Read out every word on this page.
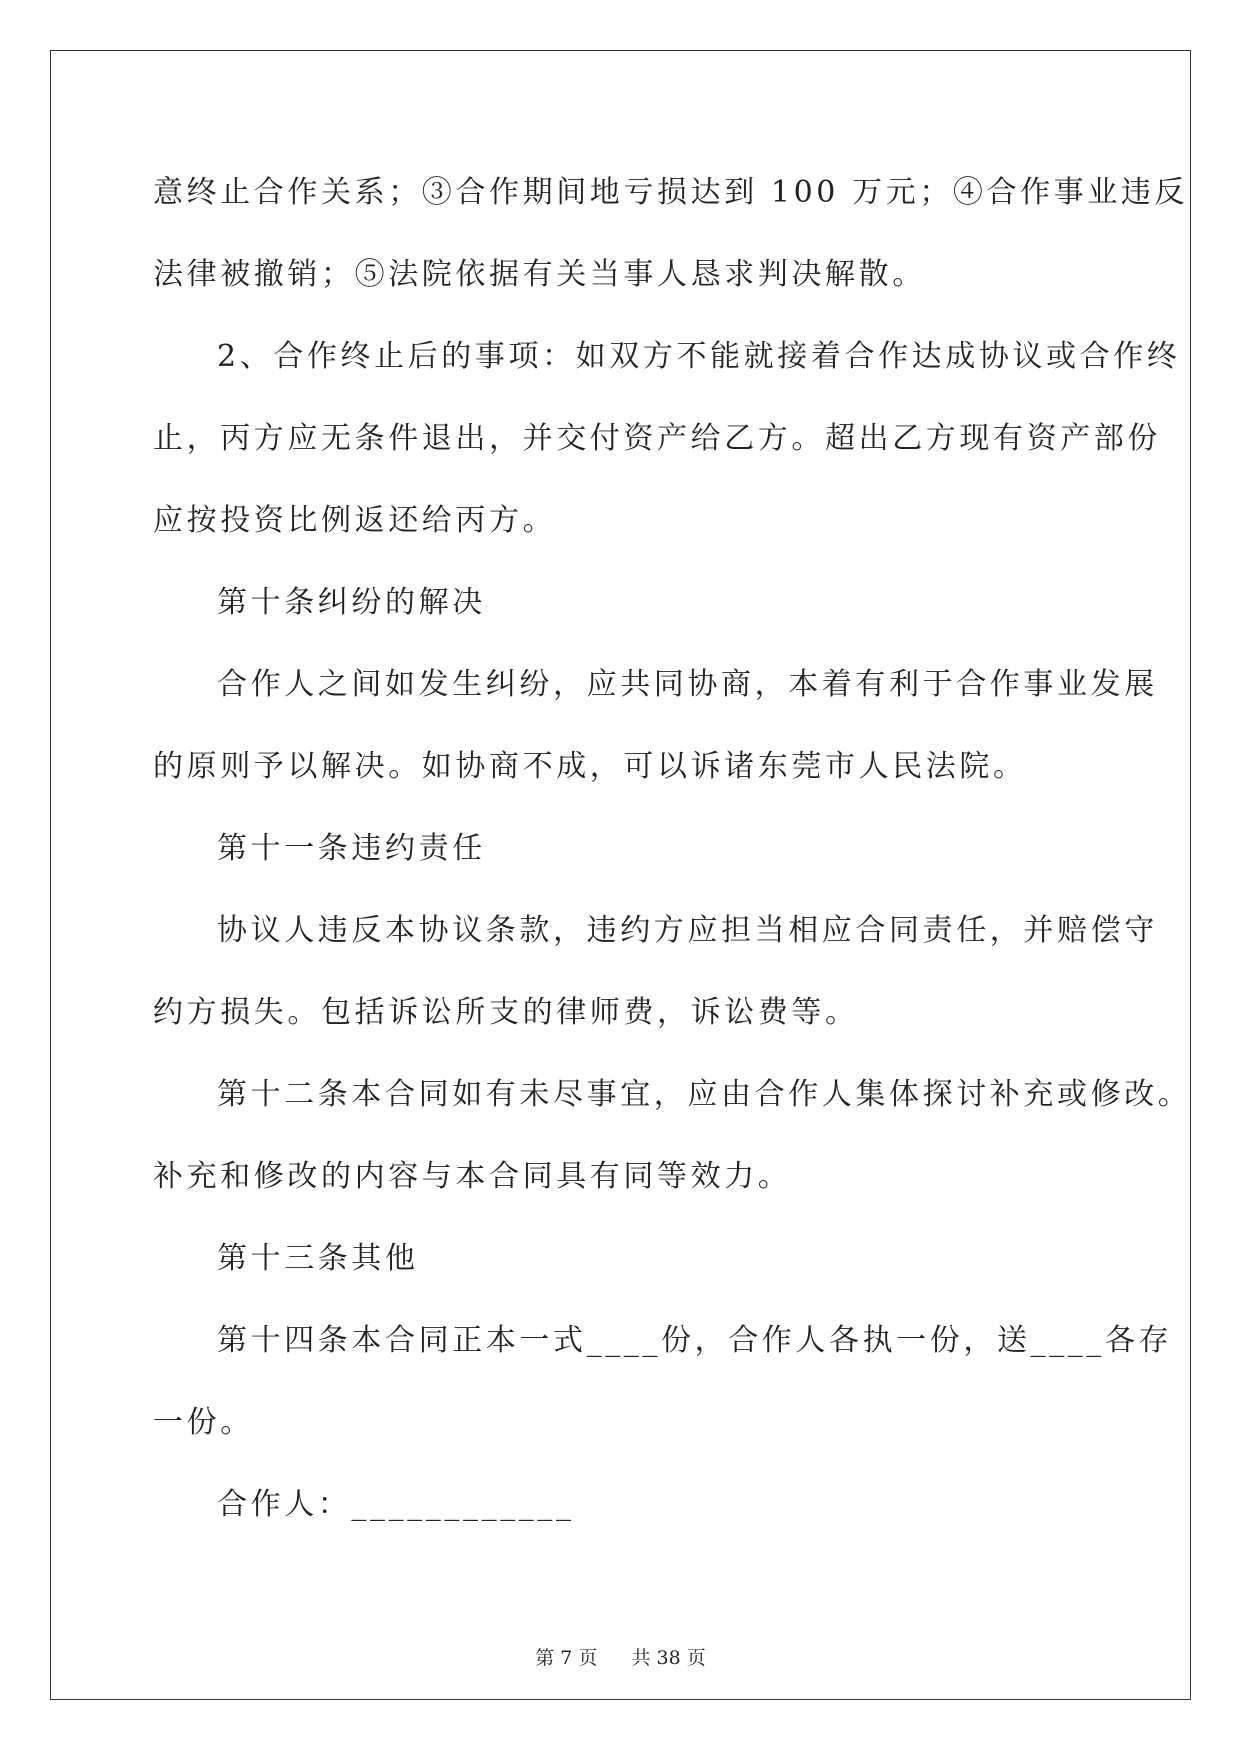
意终止合作关系；③合作期间地亏损达到 100 万元；④合作事业违反
法律被撤销；⑤法院依据有关当事人恳求判决解散。
2、合作终止后的事项：如双方不能就接着合作达成协议或合作终
止，丙方应无条件退出，并交付资产给乙方。超出乙方现有资产部份
应按投资比例返还给丙方。
第十条纠纷的解决
合作人之间如发生纠纷，应共同协商，本着有利于合作事业发展
的原则予以解决。如协商不成，可以诉诸东莞市人民法院。
第十一条违约责任
协议人违反本协议条款，违约方应担当相应合同责任，并赔偿守
约方损失。包括诉讼所支的律师费，诉讼费等。
第十二条本合同如有未尽事宜，应由合作人集体探讨补充或修改。
补充和修改的内容与本合同具有同等效力。
第十三条其他
第十四条本合同正本一式____份，合作人各执一份，送____各存
一份。
合作人：____________
第 7 页 共 38 页
